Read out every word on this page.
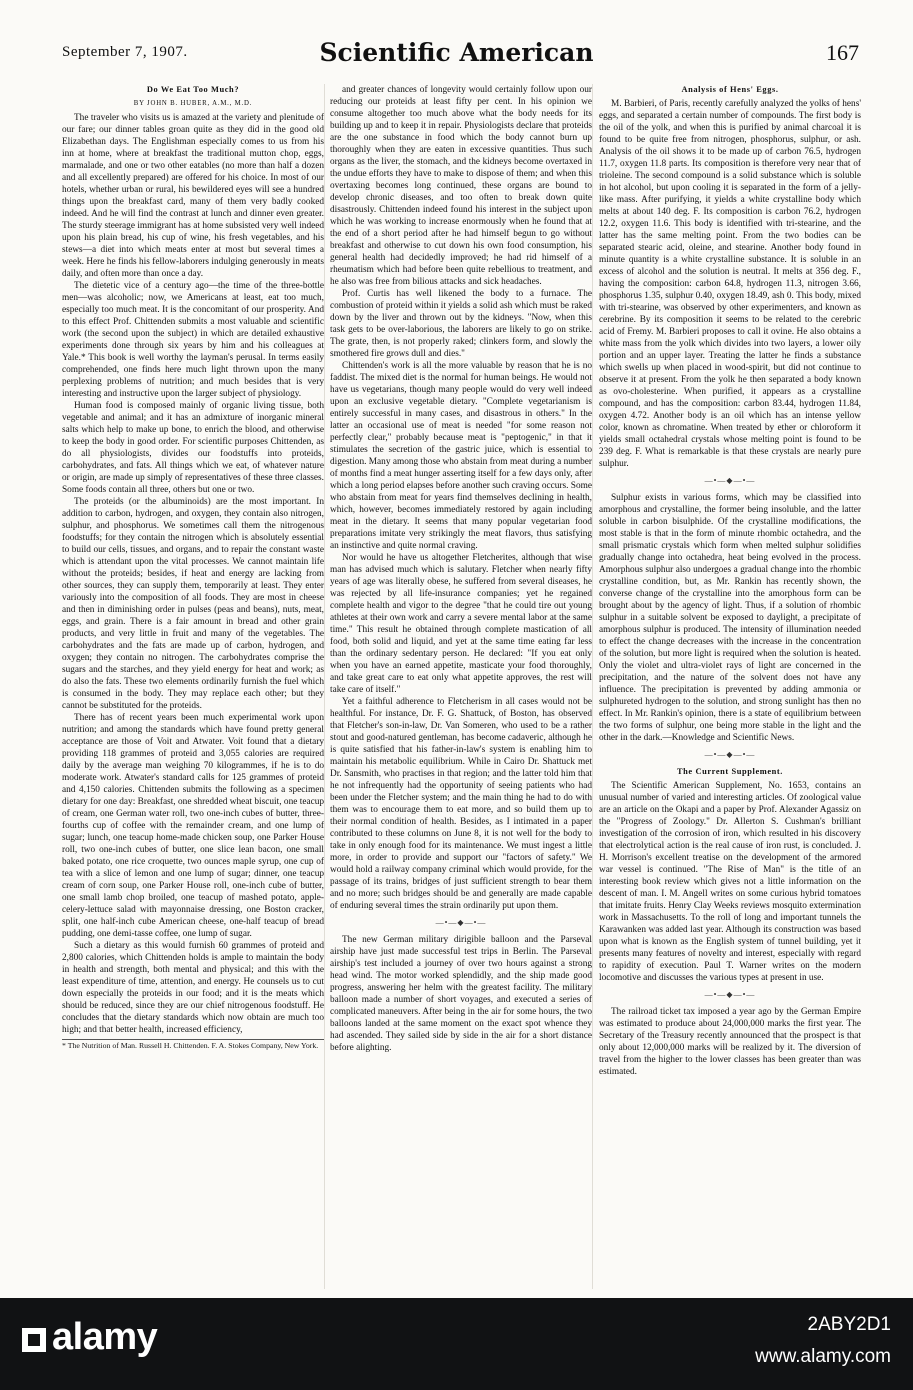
September 7, 1907.	Scientific American	167
Do We Eat Too Much?
BY JOHN B. HUBER, A.M., M.D.

The traveler who visits us is amazed at the variety and plenitude of our fare; our dinner tables groan quite as they did in the good old Elizabethan days. The Englishman especially comes to us from his inn at home, where at breakfast the traditional mutton chop, eggs, marmalade, and one or two other eatables (no more than half a dozen and all excellently prepared) are offered for his choice. In most of our hotels, whether urban or rural, his bewildered eyes will see a hundred things upon the breakfast card, many of them very badly cooked indeed. And he will find the contrast at lunch and dinner even greater. The sturdy steerage immigrant has at home subsisted very well indeed upon his plain bread, his cup of wine, his fresh vegetables, and his stews—a diet into which meats enter at most but several times a week. Here he finds his fellow-laborers indulging generously in meats daily, and often more than once a day.

The dietetic vice of a century ago—the time of the three-bottle men—was alcoholic; now, we Americans at least, eat too much, especially too much meat. It is the concomitant of our prosperity. And to this effect Prof. Chittenden submits a most valuable and scientific work (the second upon the subject) in which are detailed exhaustive experiments done through six years by him and his colleagues at Yale.* This book is well worthy the layman's perusal. In terms easily comprehended, one finds here much light thrown upon the many perplexing problems of nutrition; and much besides that is very interesting and instructive upon the larger subject of physiology.

Human food is composed mainly of organic living tissue, both vegetable and animal; and it has an admixture of inorganic mineral salts which help to make up bone, to enrich the blood, and otherwise to keep the body in good order. For scientific purposes Chittenden, as do all physiologists, divides our foodstuffs into proteids, carbohydrates, and fats. All things which we eat, of whatever nature or origin, are made up simply of representatives of these three classes. Some foods contain all three, others but one or two.

The proteids (or the albuminoids) are the most important. In addition to carbon, hydrogen, and oxygen, they contain also nitrogen, sulphur, and phosphorus. We sometimes call them the nitrogenous foodstuffs; for they contain the nitrogen which is absolutely essential to build our cells, tissues, and organs, and to repair the constant waste which is attendant upon the vital processes. We cannot maintain life without the proteids; besides, if heat and energy are lacking from other sources, they can supply them, temporarily at least. They enter variously into the composition of all foods. They are most in cheese and then in diminishing order in pulses (peas and beans), nuts, meat, eggs, and grain. There is a fair amount in bread and other grain products, and very little in fruit and many of the vegetables. The carbohydrates and the fats are made up of carbon, hydrogen, and oxygen; they contain no nitrogen. The carbohydrates comprise the sugars and the starches, and they yield energy for heat and work; as do also the fats. These two elements ordinarily furnish the fuel which is consumed in the body. They may replace each other; but they cannot be substituted for the proteids.

There has of recent years been much experimental work upon nutrition; and among the standards which have found pretty general acceptance are those of Voit and Atwater. Voit found that a dietary providing 118 grammes of proteid and 3,055 calories are required daily by the average man weighing 70 kilogrammes, if he is to do moderate work. Atwater's standard calls for 125 grammes of proteid and 4,150 calories. Chittenden submits the following as a specimen dietary for one day: Breakfast, one shredded wheat biscuit, one teacup of cream, one German water roll, two one-inch cubes of butter, three-fourths cup of coffee with the remainder cream, and one lump of sugar; lunch, one teacup home-made chicken soup, one Parker House roll, two one-inch cubes of butter, one slice lean bacon, one small baked potato, one rice croquette, two ounces maple syrup, one cup of tea with a slice of lemon and one lump of sugar; dinner, one teacup cream of corn soup, one Parker House roll, one-inch cube of butter, one small lamb chop broiled, one teacup of mashed potato, apple-celery-lettuce salad with mayonnaise dressing, one Boston cracker, split, one half-inch cube American cheese, one-half teacup of bread pudding, one demi-tasse coffee, one lump of sugar.

Such a dietary as this would furnish 60 grammes of proteid and 2,800 calories, which Chittenden holds is ample to maintain the body in health and strength, both mental and physical; and this with the least expenditure of time, attention, and energy. He counsels us to cut down especially the proteids in our food; and it is the meats which should be reduced, since they are our chief nitrogenous foodstuff. He concludes that the dietary standards which now obtain are much too high; and that better health, increased efficiency,

* The Nutrition of Man. Russell H. Chittenden. F. A. Stokes Company, New York.

and greater chances of longevity would certainly follow upon our reducing our proteids at least fifty per cent. In his opinion we consume altogether too much above what the body needs for its building up and to keep it in repair. Physiologists declare that proteids are the one substance in food which the body cannot burn up thoroughly when they are eaten in excessive quantities. Thus such organs as the liver, the stomach, and the kidneys become overtaxed in the undue efforts they have to make to dispose of them; and when this overtaxing becomes long continued, these organs are bound to develop chronic diseases, and too often to break down quite disastrously. Chittenden indeed found his interest in the subject upon which he was working to increase enormously when he found that at the end of a short period after he had himself begun to go without breakfast and otherwise to cut down his own food consumption, his general health had decidedly improved; he had rid himself of a rheumatism which had before been quite rebellious to treatment, and he also was free from bilious attacks and sick headaches.

Prof. Curtis has well likened the body to a furnace. The combustion of proteid within it yields a solid ash which must be raked down by the liver and thrown out by the kidneys. "Now, when this task gets to be over-laborious, the laborers are likely to go on strike. The grate, then, is not properly raked; clinkers form, and slowly the smothered fire grows dull and dies."

Chittenden's work is all the more valuable by reason that he is no faddist. The mixed diet is the normal for human beings. He would not have us vegetarians, though many people would do very well indeed upon an exclusive vegetable dietary. "Complete vegetarianism is entirely successful in many cases, and disastrous in others." In the latter an occasional use of meat is needed "for some reason not perfectly clear," probably because meat is "peptogenic," in that it stimulates the secretion of the gastric juice, which is essential to digestion. Many among those who abstain from meat during a number of months find a meat hunger asserting itself for a few days only, after which a long period elapses before another such craving occurs. Some who abstain from meat for years find themselves declining in health, which, however, becomes immediately restored by again including meat in the dietary. It seems that many popular vegetarian food preparations imitate very strikingly the meat flavors, thus satisfying an instinctive and quite normal craving.

Nor would he have us altogether Fletcherites, although that wise man has advised much which is salutary. Fletcher when nearly fifty years of age was literally obese, he suffered from several diseases, he was rejected by all life-insurance companies; yet he regained complete health and vigor to the degree "that he could tire out young athletes at their own work and carry a severe mental labor at the same time." This result he obtained through complete mastication of all food, both solid and liquid, and yet at the same time eating far less than the ordinary sedentary person. He declared: "If you eat only when you have an earned appetite, masticate your food thoroughly, and take great care to eat only what appetite approves, the rest will take care of itself."

Yet a faithful adherence to Fletcherism in all cases would not be healthful. For instance, Dr. F. G. Shattuck, of Boston, has observed that Fletcher's son-in-law, Dr. Van Someren, who used to be a rather stout and good-natured gentleman, has become cadaveric, although he is quite satisfied that his father-in-law's system is enabling him to maintain his metabolic equilibrium. While in Cairo Dr. Shattuck met Dr. Sansmith, who practises in that region; and the latter told him that he not infrequently had the opportunity of seeing patients who had been under the Fletcher system; and the main thing he had to do with them was to encourage them to eat more, and so build them up to their normal condition of health. Besides, as I intimated in a paper contributed to these columns on June 8, it is not well for the body to take in only enough food for its maintenance. We must ingest a little more, in order to provide and support our "factors of safety." We would hold a railway company criminal which would provide, for the passage of its trains, bridges of just sufficient strength to bear them and no more; such bridges should be and generally are made capable of enduring several times the strain ordinarily put upon them.

—•—◆—•—

The new German military dirigible balloon and the Parseval airship have just made successful test trips in Berlin. The Parseval airship's test included a journey of over two hours against a strong head wind. The motor worked splendidly, and the ship made good progress, answering her helm with the greatest facility. The military balloon made a number of short voyages, and executed a series of complicated maneuvers. After being in the air for some hours, the two balloons landed at the same moment on the exact spot whence they had ascended. They sailed side by side in the air for a short distance before alighting.

Analysis of Hens' Eggs.

M. Barbieri, of Paris, recently carefully analyzed the yolks of hens' eggs, and separated a certain number of compounds. The first body is the oil of the yolk, and when this is purified by animal charcoal it is found to be quite free from nitrogen, phosphorus, sulphur, or ash. Analysis of the oil shows it to be made up of carbon 76.5, hydrogen 11.7, oxygen 11.8 parts. Its composition is therefore very near that of trioleine. The second compound is a solid substance which is soluble in hot alcohol, but upon cooling it is separated in the form of a jelly-like mass. After purifying, it yields a white crystalline body which melts at about 140 deg. F. Its composition is carbon 76.2, hydrogen 12.2, oxygen 11.6. This body is identified with tri-stearine, and the latter has the same melting point. From the two bodies can be separated stearic acid, oleine, and stearine. Another body found in minute quantity is a white crystalline substance. It is soluble in an excess of alcohol and the solution is neutral. It melts at 356 deg. F., having the composition: carbon 64.8, hydrogen 11.3, nitrogen 3.66, phosphorus 1.35, sulphur 0.40, oxygen 18.49, ash 0. This body, mixed with tri-stearine, was observed by other experimenters, and known as cerebrine. By its composition it seems to be related to the cerebric acid of Fremy. M. Barbieri proposes to call it ovine. He also obtains a white mass from the yolk which divides into two layers, a lower oily portion and an upper layer. Treating the latter he finds a substance which swells up when placed in wood-spirit, but did not continue to observe it at present. From the yolk he then separated a body known as ovo-cholesterine. When purified, it appears as a crystalline compound, and has the composition: carbon 83.44, hydrogen 11.84, oxygen 4.72. Another body is an oil which has an intense yellow color, known as chromatine. When treated by ether or chloroform it yields small octahedral crystals whose melting point is found to be 239 deg. F. What is remarkable is that these crystals are nearly pure sulphur.

—•—◆—•—

Sulphur exists in various forms, which may be classified into amorphous and crystalline, the former being insoluble, and the latter soluble in carbon bisulphide. Of the crystalline modifications, the most stable is that in the form of minute rhombic octahedra, and the small prismatic crystals which form when melted sulphur solidifies gradually change into octahedra, heat being evolved in the process. Amorphous sulphur also undergoes a gradual change into the rhombic crystalline condition, but, as Mr. Rankin has recently shown, the converse change of the crystalline into the amorphous form can be brought about by the agency of light. Thus, if a solution of rhombic sulphur in a suitable solvent be exposed to daylight, a precipitate of amorphous sulphur is produced. The intensity of illumination needed to effect the change decreases with the increase in the concentration of the solution, but more light is required when the solution is heated. Only the violet and ultra-violet rays of light are concerned in the precipitation, and the nature of the solvent does not have any influence. The precipitation is prevented by adding ammonia or sulphureted hydrogen to the solution, and strong sunlight has then no effect. In Mr. Rankin's opinion, there is a state of equilibrium between the two forms of sulphur, one being more stable in the light and the other in the dark.—Knowledge and Scientific News.

—•—◆—•—
The Current Supplement.

The Scientific American Supplement, No. 1653, contains an unusual number of varied and interesting articles. Of zoological value are an article on the Okapi and a paper by Prof. Alexander Agassiz on the "Progress of Zoology." Dr. Allerton S. Cushman's brilliant investigation of the corrosion of iron, which resulted in his discovery that electrolytical action is the real cause of iron rust, is concluded. J. H. Morrison's excellent treatise on the development of the armored war vessel is continued. "The Rise of Man" is the title of an interesting book review which gives not a little information on the descent of man. I. M. Angell writes on some curious hybrid tomatoes that imitate fruits. Henry Clay Weeks reviews mosquito extermination work in Massachusetts. To the roll of long and important tunnels the Karawanken was added last year. Although its construction was based upon what is known as the English system of tunnel building, yet it presents many features of novelty and interest, especially with regard to rapidity of execution. Paul T. Warner writes on the modern locomotive and discusses the various types at present in use.

—•—◆—•—

The railroad ticket tax imposed a year ago by the German Empire was estimated to produce about 24,000,000 marks the first year. The Secretary of the Treasury recently announced that the prospect is that only about 12,000,000 marks will be realized by it. The diversion of travel from the higher to the lower classes has been greater than was estimated.

alamy	2ABY2D1
www.alamy.com
